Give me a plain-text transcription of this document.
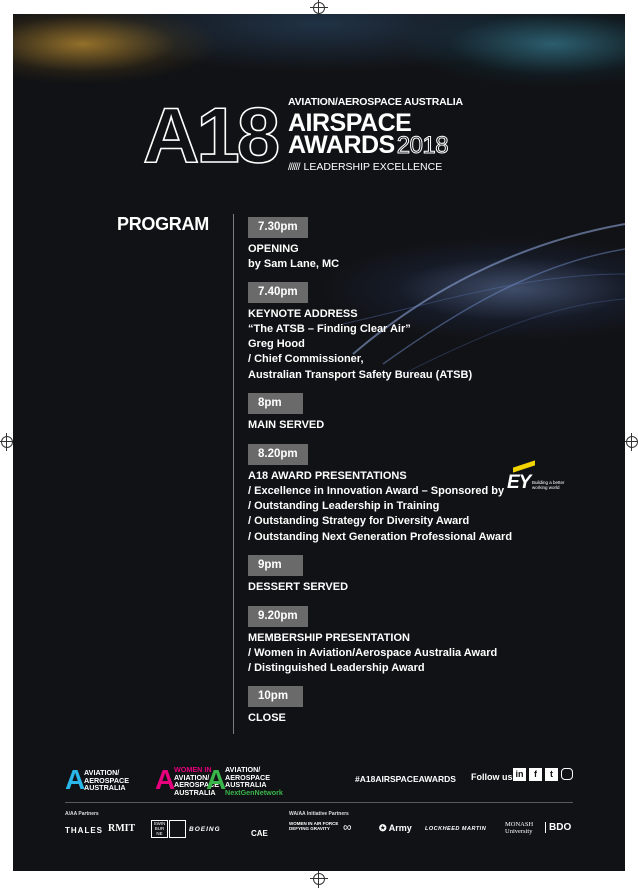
A18 AVIATION/AEROSPACE AUSTRALIA
AIRSPACE
AWARDS2018
////// LEADERSHIP EXCELLENCE
PROGRAM	7.30pm
OPENING
by Sam Lane, MC
7.40pm
KEYNOTE ADDRESS
“The ATSB – Finding Clear Air”
Greg Hood
/ Chief Commissioner,
Australian Transport Safety Bureau (ATSB)
8pm
MAIN SERVED
8.20pm
A18 AWARD PRESENTATIONS
/ Excellence in Innovation Award – Sponsored by
/ Outstanding Leadership in Training
/ Outstanding Strategy for Diversity Award
/ Outstanding Next Generation Professional Award
EY Building a better working world
9pm
DESSERT SERVED
9.20pm
MEMBERSHIP PRESENTATION
/ Women in Aviation/Aerospace Australia Award
/ Distinguished Leadership Award
10pm
CLOSE
A
AVIATION/
AEROSPACE
AUSTRALIA A
WOMEN IN
AVIATION/
AEROSPACE
AUSTRALIA
A
AVIATION/
AEROSPACE
AUSTRALIA
NextGenNetwork
#A18AIRSPACEAWARDS Follow us in	f	t
A/AA Partners	WA/AA Initiative Partners
THALES RMIT	SWIN BUR NE
BOEING	CAE
WOMEN IN AIR FORCE
DEFYING GRAVITY	∞	✪ Army LOCKHEED MARTIN
MONASH
University	BDO
